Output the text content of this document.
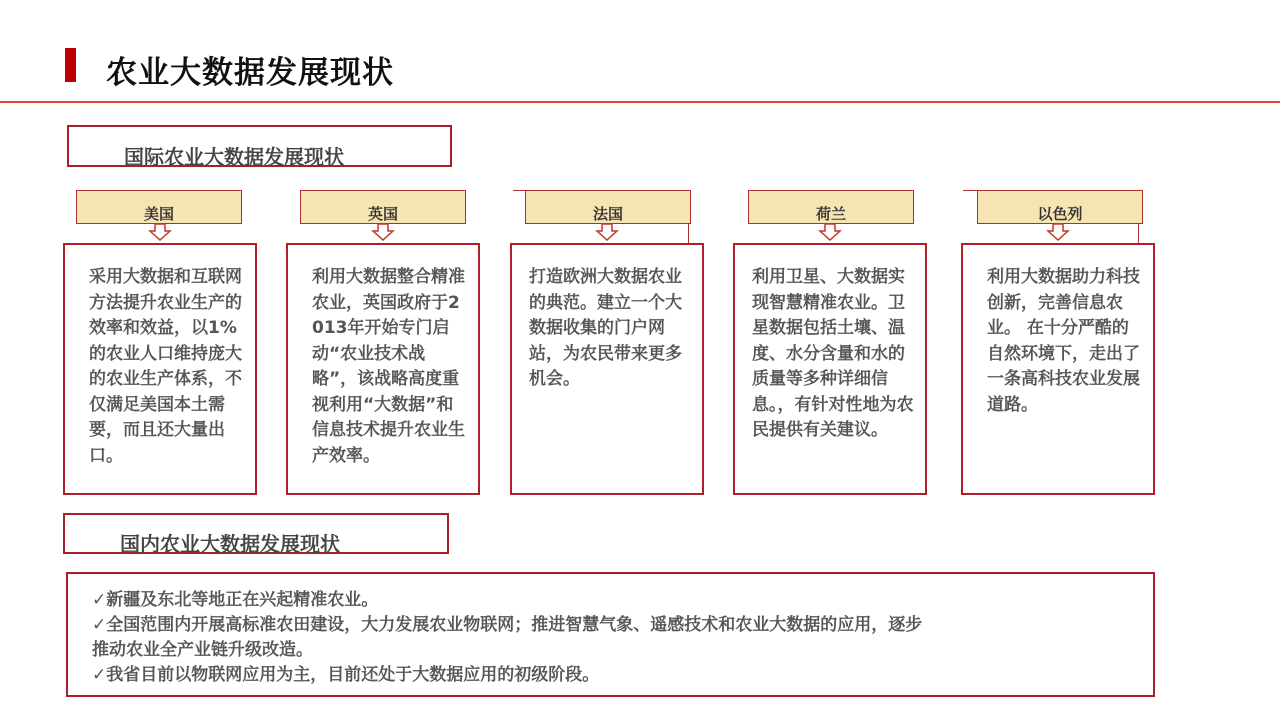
农业大数据发展现状
国际农业大数据发展现状
美国	英国	法国	荷兰	以色列
采用大数据和互联网方法提升农业生产的效率和效益，以1%的农业人口维持庞大的农业生产体系，不仅满足美国本土需要，而且还大量出口。
利用大数据整合精准农业，英国政府于2013年开始专门启动“农业技术战略”，该战略高度重视利用“大数据”和信息技术提升农业生产效率。
打造欧洲大数据农业的典范。建立一个大数据收集的门户网站，为农民带来更多机会。
利用卫星、大数据实现智慧精准农业。卫星数据包括土壤、温度、水分含量和水的质量等多种详细信息。，有针对性地为农民提供有关建议。
利用大数据助力科技创新，完善信息农业。 在十分严酷的自然环境下，走出了一条高科技农业发展道路。
国内农业大数据发展现状
✓新疆及东北等地正在兴起精准农业。
✓全国范围内开展高标准农田建设，大力发展农业物联网；推进智慧气象、遥感技术和农业大数据的应用，逐步
推动农业全产业链升级改造。
✓我省目前以物联网应用为主，目前还处于大数据应用的初级阶段。
